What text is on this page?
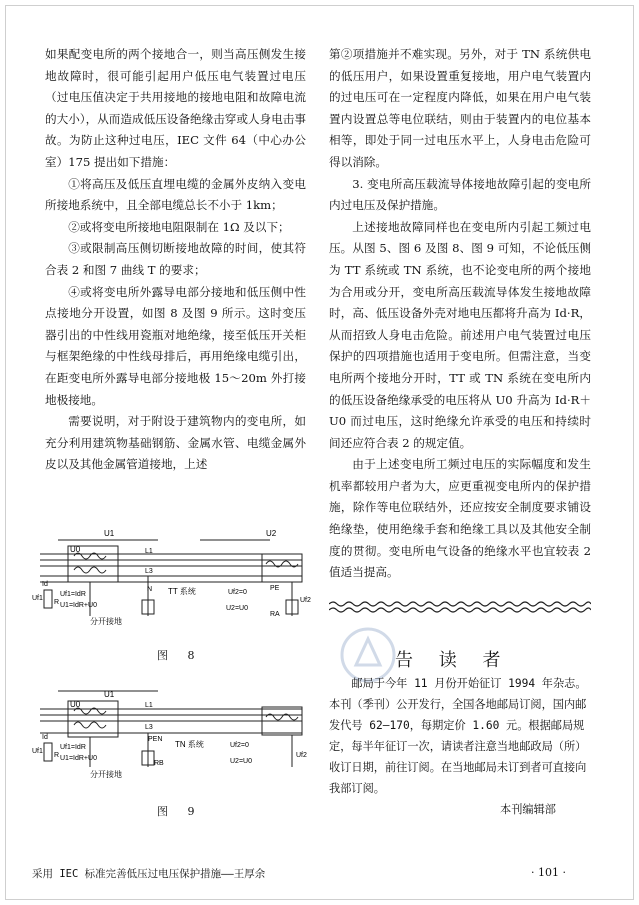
如果配变电所的两个接地合一，则当高压侧发生接地故障时，很可能引起用户低压电气装置过电压（过电压值决定于共用接地的接地电阻和故障电流的大小），从而造成低压设备绝缘击穿或人身电击事故。为防止这种过电压，IEC 文件 64（中心办公室）175 提出如下措施：

①将高压及低压直埋电缆的金属外皮纳入变电所接地系统中，且全部电缆总长不小于 1km；

②或将变电所接地电阻限制在 1Ω 及以下；

③或限制高压侧切断接地故障的时间，使其符合表 2 和图 7 曲线 T 的要求；

④或将变电所外露导电部分接地和低压侧中性点接地分开设置，如图 8 及图 9 所示。这时变压器引出的中性线用瓷瓶对地绝缘，接至低压开关柜与框架绝缘的中性线母排后，再用绝缘电缆引出，在距变电所外露导电部分接地极 15～20m 外打接地极接地。

需要说明，对于附设于建筑物内的变电所，如充分利用建筑物基础钢筋、金属水管、电缆金属外皮以及其他金属管道接地，上述

第②项措施并不难实现。另外，对于 TN 系统供电的低压用户，如果设置重复接地，用户电气装置内的过电压可在一定程度内降低，如果在用户电气装置内设置总等电位联结，则由于装置内的电位基本相等，即处于同一过电压水平上，人身电击危险可得以消除。

3. 变电所高压载流导体接地故障引起的变电所内过电压及保护措施。

上述接地故障同样也在变电所内引起工频过电压。从图 5、图 6 及图 8、图 9 可知，不论低压侧为 TT 系统或 TN 系统，也不论变电所的两个接地为合用或分开，变电所高压载流导体发生接地故障时，高、低压设备外壳对地电压都将升高为 Id·R，从而招致人身电击危险。前述用户电气装置过电压保护的四项措施也适用于变电所。但需注意，当变电所两个接地分开时，TT 或 TN 系统在变电所内的低压设备绝缘承受的电压将从 U0 升高为 Id·R＋U0 而过电压，这时绝缘允许承受的电压和持续时间还应符合表 2 的规定值。

由于上述变电所工频过电压的实际幅度和发生机率都较用户者为大，应更重视变电所内的保护措施，除作等电位联结外，还应按安全制度要求铺设绝缘垫，使用绝缘手套和绝缘工具以及其他安全制度的贯彻。变电所电气设备的绝缘水平也宜较表 2 值适当提高。

告 读 者

邮局于今年 11 月份开始征订 1994 年杂志。本刊（季刊）公开发行，全国各地邮局订阅，国内邮发代号 62—170，每期定价 1.60 元。根据邮局规定，每半年征订一次，请读者注意当地邮政局（所）收订日期，前往订阅。在当地邮局未订到者可直接向我部订阅。

本刊编辑部

U1	U2
U0	L1
L3
N TT 系统
Id
Uf1=IdR
U1=IdR+U0
R
Uf1
分开接地
Uf2=0
U2=U0
Uf2
PE
RA
图 8
U1
U0	L1
L3
PEN
TN 系统
Id
Uf1=IdR
U1=IdR+U0
R
Uf1
分开接地
RB
Uf2=0
U2=U0
Uf2
图 9
采用 IEC 标准完善低压过电压保护措施——王厚余	· 101 ·
